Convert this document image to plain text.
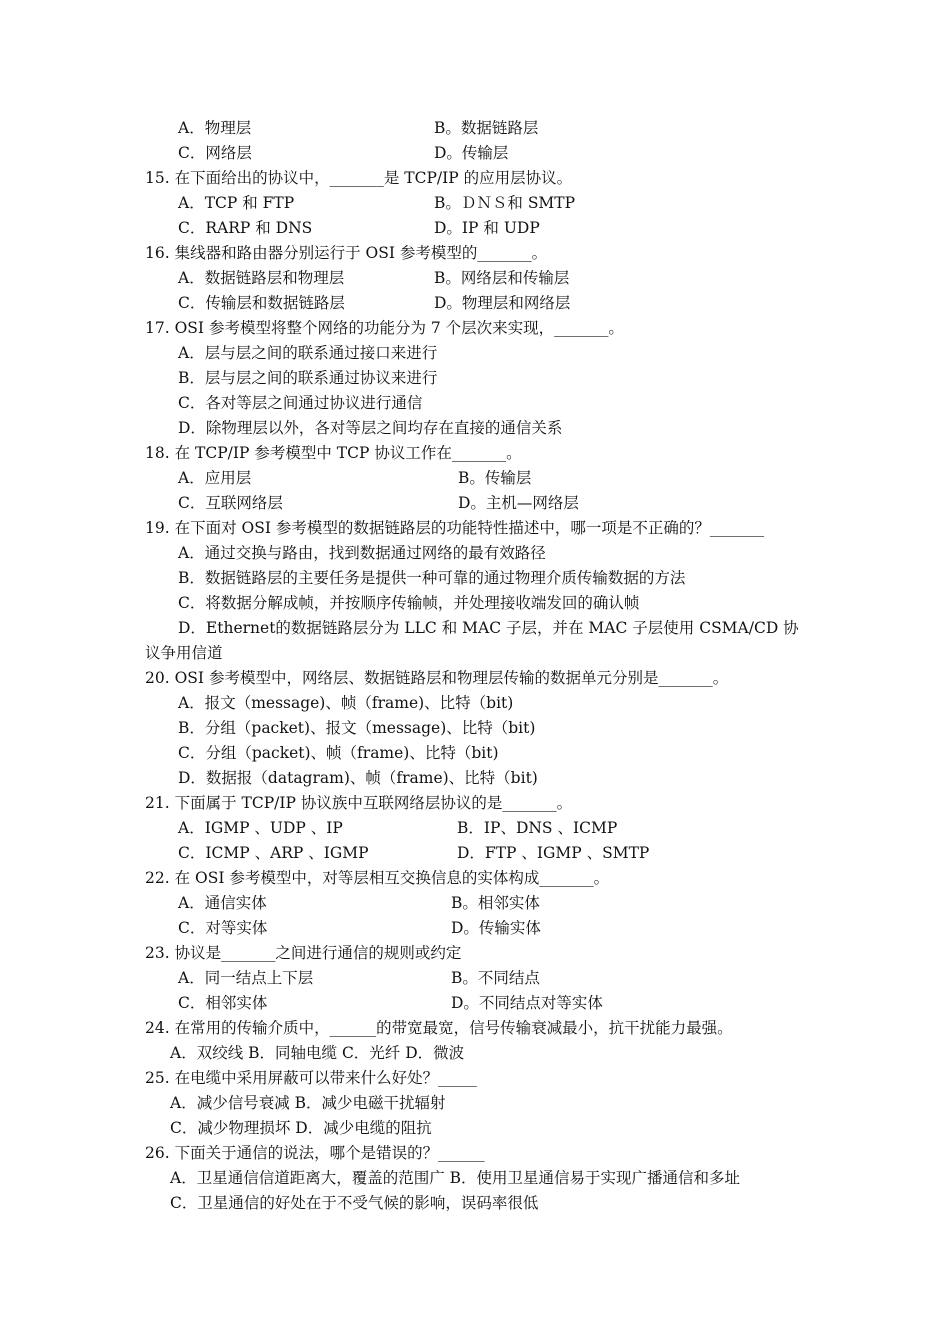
A．物理层	B。数据链路层
C．网络层	D。传输层
15. 在下面给出的协议中，_______是 TCP/IP 的应用层协议。
A．TCP 和 FTP	B。ＤＮＳ和 SMTP
C．RARP 和 DNS	D。IP 和 UDP
16. 集线器和路由器分别运行于 OSI 参考模型的_______。
A．数据链路层和物理层	B。网络层和传输层
C．传输层和数据链路层	D。物理层和网络层
17. OSI 参考模型将整个网络的功能分为 7 个层次来实现，_______。
A．层与层之间的联系通过接口来进行
B．层与层之间的联系通过协议来进行
C．各对等层之间通过协议进行通信
D．除物理层以外，各对等层之间均存在直接的通信关系
18. 在 TCP/IP 参考模型中 TCP 协议工作在_______。
A．应用层	B。传输层
C．互联网络层	D。主机—网络层
19. 在下面对 OSI 参考模型的数据链路层的功能特性描述中，哪一项是不正确的？_______
A．通过交换与路由，找到数据通过网络的最有效路径
B．数据链路层的主要任务是提供一种可靠的通过物理介质传输数据的方法
C．将数据分解成帧，并按顺序传输帧，并处理接收端发回的确认帧
D．Ethernet的数据链路层分为 LLC 和 MAC 子层，并在 MAC 子层使用 CSMA/CD 协
议争用信道
20. OSI 参考模型中，网络层、数据链路层和物理层传输的数据单元分别是_______。
A．报文（message)、帧（frame)、比特（bit)
B．分组（packet)、报文（message)、比特（bit)
C．分组（packet)、帧（frame)、比特（bit)
D．数据报（datagram)、帧（frame)、比特（bit)
21. 下面属于 TCP/IP 协议族中互联网络层协议的是_______。
A．IGMP 、UDP 、IP	B．IP、DNS 、ICMP
C．ICMP 、ARP 、IGMP	D．FTP 、IGMP 、SMTP
22. 在 OSI 参考模型中，对等层相互交换信息的实体构成_______。
A．通信实体	B。相邻实体
C．对等实体	D。传输实体
23. 协议是_______之间进行通信的规则或约定
A．同一结点上下层	B。不同结点
C．相邻实体	D。不同结点对等实体
24. 在常用的传输介质中，______的带宽最宽，信号传输衰减最小，抗干扰能力最强。
A．双绞线 B．同轴电缆 C．光纤 D．微波
25. 在电缆中采用屏蔽可以带来什么好处？_____
A．减少信号衰减 B．减少电磁干扰辐射
C．减少物理损坏 D．减少电缆的阻抗
26. 下面关于通信的说法，哪个是错误的？______
A．卫星通信信道距离大，覆盖的范围广 B．使用卫星通信易于实现广播通信和多址
C．卫星通信的好处在于不受气候的影响，误码率很低
